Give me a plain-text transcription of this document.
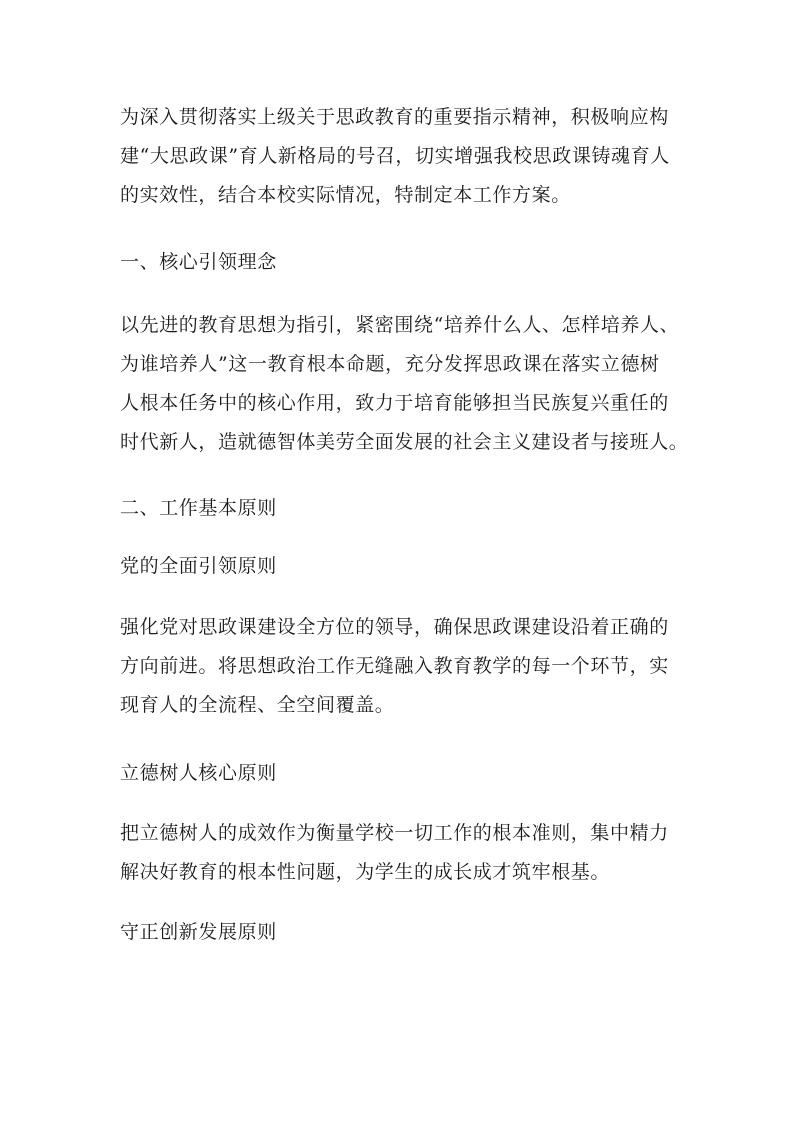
为深入贯彻落实上级关于思政教育的重要指示精神，积极响应构
建“大思政课”育人新格局的号召，切实增强我校思政课铸魂育人
的实效性，结合本校实际情况，特制定本工作方案。

一、核心引领理念

以先进的教育思想为指引，紧密围绕“培养什么人、怎样培养人、
为谁培养人”这一教育根本命题，充分发挥思政课在落实立德树
人根本任务中的核心作用，致力于培育能够担当民族复兴重任的
时代新人，造就德智体美劳全面发展的社会主义建设者与接班人。

二、工作基本原则
党的全面引领原则

强化党对思政课建设全方位的领导，确保思政课建设沿着正确的
方向前进。将思想政治工作无缝融入教育教学的每一个环节，实
现育人的全流程、全空间覆盖。

立德树人核心原则

把立德树人的成效作为衡量学校一切工作的根本准则，集中精力
解决好教育的根本性问题，为学生的成长成才筑牢根基。

守正创新发展原则
